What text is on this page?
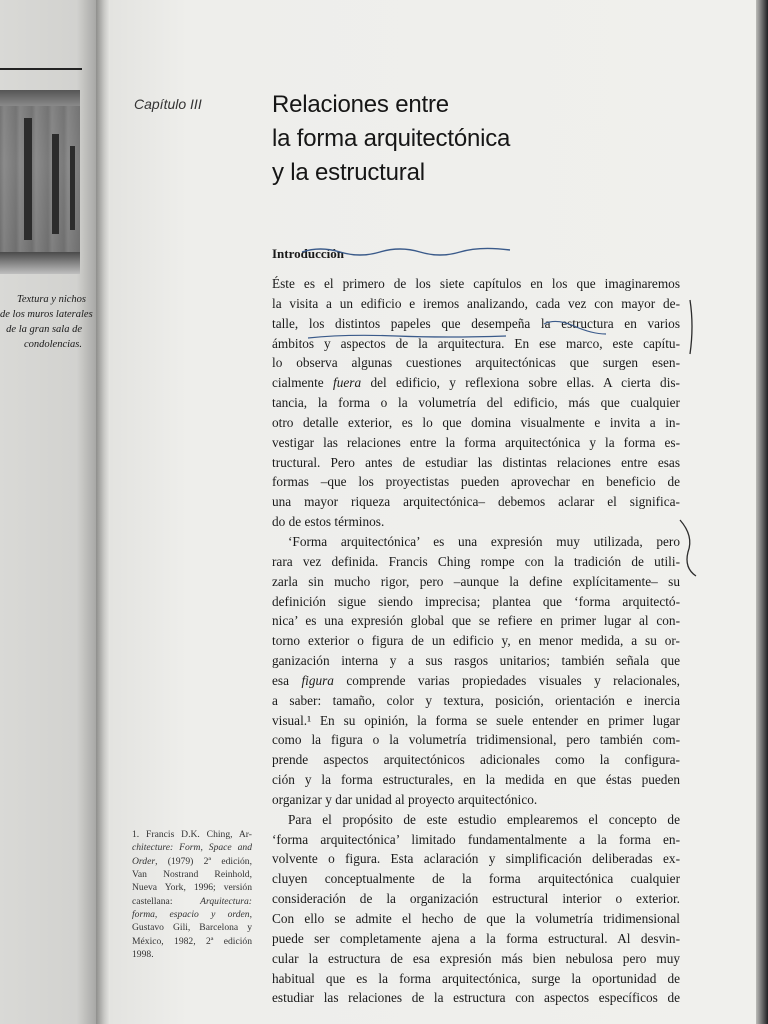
Textura y nichos
de los muros laterales
de la gran sala de
condolencias.
Capítulo III	Relaciones entre
la forma arquitectónica
y la estructural
Introducción
Éste es el primero de los siete capítulos en los que imaginaremos
la visita a un edificio e iremos analizando, cada vez con mayor de-
talle, los distintos papeles que desempeña la estructura en varios
ámbitos y aspectos de la arquitectura. En ese marco, este capítu-
lo observa algunas cuestiones arquitectónicas que surgen esen-
cialmente fuera del edificio, y reflexiona sobre ellas. A cierta dis-
tancia, la forma o la volumetría del edificio, más que cualquier
otro detalle exterior, es lo que domina visualmente e invita a in-
vestigar las relaciones entre la forma arquitectónica y la forma es-
tructural. Pero antes de estudiar las distintas relaciones entre esas
formas –que los proyectistas pueden aprovechar en beneficio de
una mayor riqueza arquitectónica– debemos aclarar el significa-
do de estos términos.
‘Forma arquitectónica’ es una expresión muy utilizada, pero
rara vez definida. Francis Ching rompe con la tradición de utili-
zarla sin mucho rigor, pero –aunque la define explícitamente– su
definición sigue siendo imprecisa; plantea que ‘forma arquitectó-
nica’ es una expresión global que se refiere en primer lugar al con-
torno exterior o figura de un edificio y, en menor medida, a su or-
ganización interna y a sus rasgos unitarios; también señala que
esa figura comprende varias propiedades visuales y relacionales,
a saber: tamaño, color y textura, posición, orientación e inercia
visual.¹ En su opinión, la forma se suele entender en primer lugar
como la figura o la volumetría tridimensional, pero también com-
prende aspectos arquitectónicos adicionales como la configura-
ción y la forma estructurales, en la medida en que éstas pueden
organizar y dar unidad al proyecto arquitectónico.
Para el propósito de este estudio emplearemos el concepto de
‘forma arquitectónica’ limitado fundamentalmente a la forma en-
volvente o figura. Esta aclaración y simplificación deliberadas ex-
cluyen conceptualmente de la forma arquitectónica cualquier
consideración de la organización estructural interior o exterior.
Con ello se admite el hecho de que la volumetría tridimensional
puede ser completamente ajena a la forma estructural. Al desvin-
cular la estructura de esa expresión más bien nebulosa pero muy
habitual que es la forma arquitectónica, surge la oportunidad de
estudiar las relaciones de la estructura con aspectos específicos de
1. Francis D.K. Ching, Ar-
chitecture: Form, Space and
Order, (1979) 2ª edición,
Van Nostrand Reinhold,
Nueva York, 1996; versión
castellana: Arquitectura:
forma, espacio y orden,
Gustavo Gili, Barcelona y
México, 1982, 2ª edición
1998.
